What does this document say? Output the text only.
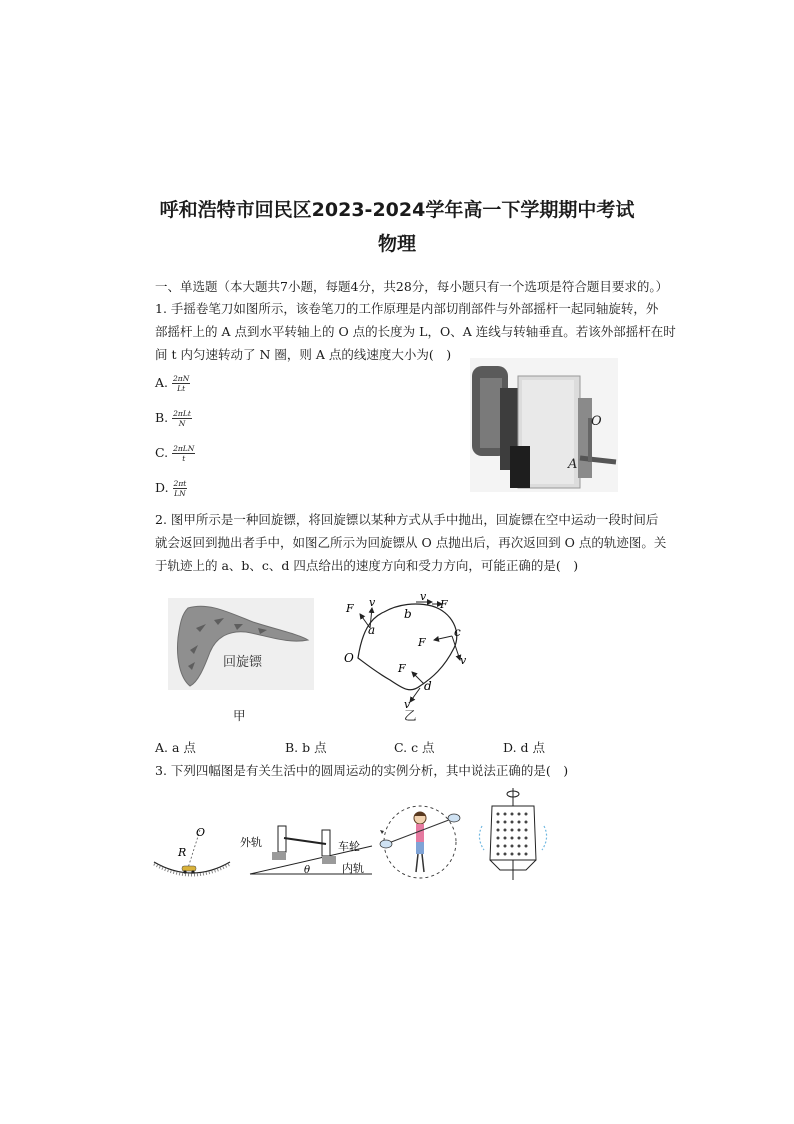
呼和浩特市回民区2023-2024学年高一下学期期中考试
物理
一、单选题（本大题共7小题，每题4分，共28分，每小题只有一个选项是符合题目要求的。）
1. 手摇卷笔刀如图所示，该卷笔刀的工作原理是内部切削部件与外部摇杆一起同轴旋转，外
部摇杆上的 A 点到水平转轴上的 O 点的长度为 L，O、A 连线与转轴垂直。若该外部摇杆在时
间 t 内匀速转动了 N 圈，则 A 点的线速度大小为(　)
A. $\frac{2\pi N}{Lt}$
B. $\frac{\text{2πLt}}{N}$
C. $\frac{\text{2πLN}}{t}$
D. $\frac{2\pi t}{LN}$
O
A
2. 图甲所示是一种回旋镖，将回旋镖以某种方式从手中抛出，回旋镖在空中运动一段时间后
就会返回到抛出者手中，如图乙所示为回旋镖从 O 点抛出后，再次返回到 O 点的轨迹图。关
于轨迹上的 a、b、c、d 四点给出的速度方向和受力方向，可能正确的是(　)
回旋镖
甲
O
a
b
c
d
F v	v
F
F
v
F
v
乙
A. a 点	B. b 点	C. c 点	D. d 点
3. 下列四幅图是有关生活中的圆周运动的实例分析，其中说法正确的是(　)
O
R
外轨	车轮
内轨
θ
